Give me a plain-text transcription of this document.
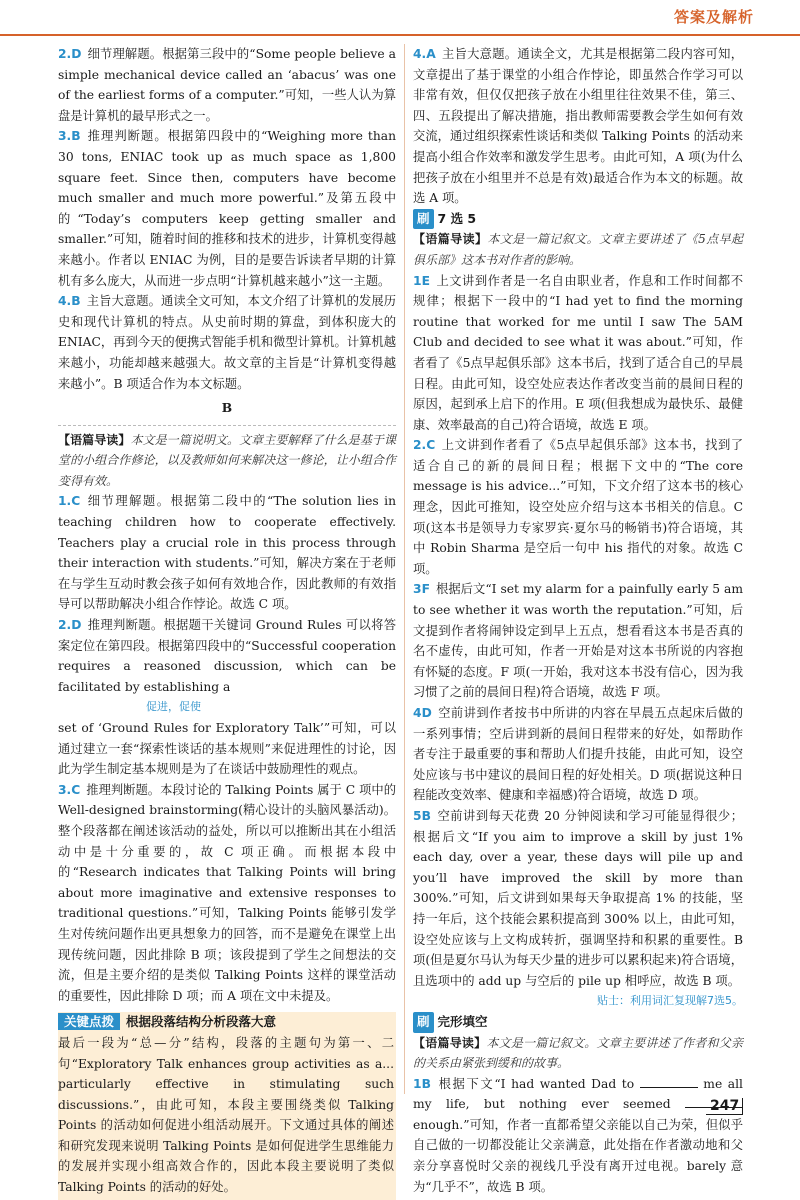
答案及解析

2.D 细节理解题。根据第三段中的“Some people believe a simple mechanical device called an ‘abacus’ was one of the earliest forms of a computer.”可知，一些人认为算盘是计算机的最早形式之一。

3.B 推理判断题。根据第四段中的“Weighing more than 30 tons, ENIAC took up as much space as 1,800 square feet. Since then, computers have become much smaller and much more powerful.”及第五段中的“Today’s computers keep getting smaller and smaller.”可知，随着时间的推移和技术的进步，计算机变得越来越小。作者以 ENIAC 为例，目的是要告诉读者早期的计算机有多么庞大，从而进一步点明“计算机越来越小”这一主题。

4.B 主旨大意题。通读全文可知，本文介绍了计算机的发展历史和现代计算机的特点。从史前时期的算盘，到体积庞大的 ENIAC，再到今天的便携式智能手机和微型计算机。计算机越来越小，功能却越来越强大。故文章的主旨是“计算机变得越来越小”。B 项适合作为本文标题。

B

【语篇导读】本文是一篇说明文。文章主要解释了什么是基于课堂的小组合作修论，以及教师如何来解决这一修论，让小组合作变得有效。

1.C 细节理解题。根据第二段中的“The solution lies in teaching children how to cooperate effectively. Teachers play a crucial role in this process through their interaction with students.”可知，解决方案在于老师在与学生互动时教会孩子如何有效地合作，因此教师的有效指导可以帮助解决小组合作悖论。故选 C 项。

2.D 推理判断题。根据题干关键词 Ground Rules 可以将答案定位在第四段。根据第四段中的“Successful cooperation requires a reasoned discussion, which can be facilitated by establishing a

促进，促使

set of ‘Ground Rules for Exploratory Talk’”可知，可以通过建立一套“探索性谈话的基本规则”来促进理性的讨论，因此为学生制定基本规则是为了在谈话中鼓励理性的观点。

3.C 推理判断题。本段讨论的 Talking Points 属于 C 项中的 Well-designed brainstorming(精心设计的头脑风暴活动)。整个段落都在阐述该活动的益处，所以可以推断出其在小组活动中是十分重要的，故 C 项正确。而根据本段中的“Research indicates that Talking Points will bring about more imaginative and extensive responses to traditional questions.”可知，Talking Points 能够引发学生对传统问题作出更具想象力的回答，而不是避免在课堂上出现传统问题，因此排除 B 项；该段提到了学生之间想法的交流，但是主要介绍的是类似 Talking Points 这样的课堂活动的重要性，因此排除 D 项；而 A 项在文中未提及。

关键点拨 根据段落结构分析段落大意

最后一段为“总—分”结构，段落的主题句为第一、二句“Exploratory Talk enhances group activities as a... particularly effective in stimulating such discussions.”，由此可知，本段主要围绕类似 Talking Points 的活动如何促进小组活动展开。下文通过具体的阐述和研究发现来说明 Talking Points 是如何促进学生思维能力的发展并实现小组高效合作的，因此本段主要说明了类似 Talking Points 的活动的好处。

4.A 主旨大意题。通读全文，尤其是根据第二段内容可知，文章提出了基于课堂的小组合作悖论，即虽然合作学习可以非常有效，但仅仅把孩子放在小组里往往效果不佳，第三、四、五段提出了解决措施，指出教师需要教会学生如何有效交流，通过组织探索性谈话和类似 Talking Points 的活动来提高小组合作效率和激发学生思考。由此可知，A 项(为什么把孩子放在小组里并不总是有效)最适合作为本文的标题。故选 A 项。

刷 7 选 5

【语篇导读】本文是一篇记叙文。文章主要讲述了《5点早起俱乐部》这本书对作者的影响。

1E 上文讲到作者是一名自由职业者，作息和工作时间都不规律；根据下一段中的“I had yet to find the morning routine that worked for me until I saw The 5AM Club and decided to see what it was about.”可知，作者看了《5点早起俱乐部》这本书后，找到了适合自己的早晨日程。由此可知，设空处应表达作者改变当前的晨间日程的原因，起到承上启下的作用。E 项(但我想成为最快乐、最健康、效率最高的自己)符合语境，故选 E 项。

2.C 上文讲到作者看了《5点早起俱乐部》这本书，找到了适合自己的新的晨间日程；根据下文中的“The core message is his advice...”可知，下文介绍了这本书的核心理念，因此可推知，设空处应介绍与这本书相关的信息。C 项(这本书是领导力专家罗宾·夏尔马的畅销书)符合语境，其中 Robin Sharma 是空后一句中 his 指代的对象。故选 C 项。

3F 根据后文“I set my alarm for a painfully early 5 am to see whether it was worth the reputation.”可知，后文提到作者将闹钟设定到早上五点，想看看这本书是否真的名不虚传，由此可知，作者一开始是对这本书所说的内容抱有怀疑的态度。F 项(一开始，我对这本书没有信心，因为我习惯了之前的晨间日程)符合语境，故选 F 项。

4D 空前讲到作者按书中所讲的内容在早晨五点起床后做的一系列事情；空后讲到新的晨间日程带来的好处，如帮助作者专注于最重要的事和帮助人们提升技能，由此可知，设空处应该与书中建议的晨间日程的好处相关。D 项(据说这种日程能改变效率、健康和幸福感)符合语境，故选 D 项。

5B 空前讲到每天花费 20 分钟阅读和学习可能显得很少；根据后文“If you aim to improve a skill by just 1% each day, over a year, these days will pile up and you’ll have improved the skill by more than 300%.”可知，后文讲到如果每天争取提高 1% 的技能，坚持一年后，这个技能会累积提高到 300% 以上，由此可知，设空处应该与上文构成转折，强调坚持和积累的重要性。B 项(但是夏尔马认为每天少量的进步可以累积起来)符合语境，且选项中的 add up 与空后的 pile up 相呼应，故选 B 项。

贴士：利用词汇复现解7选5。
刷 完形填空

【语篇导读】本文是一篇记叙文。文章主要讲述了作者和父亲的关系由紧张到缓和的故事。

1B 根据下文“I had wanted Dad to	me all my life, but nothing ever seemed  enough.”可知，作者一直都希望父亲能以自己为荣，但似乎自己做的一切都没能让父亲满意，此处指在作者激动地和父亲分享喜悦时父亲的视线几乎没有离开过电视。barely 意为“几乎不”，故选 B 项。

247
